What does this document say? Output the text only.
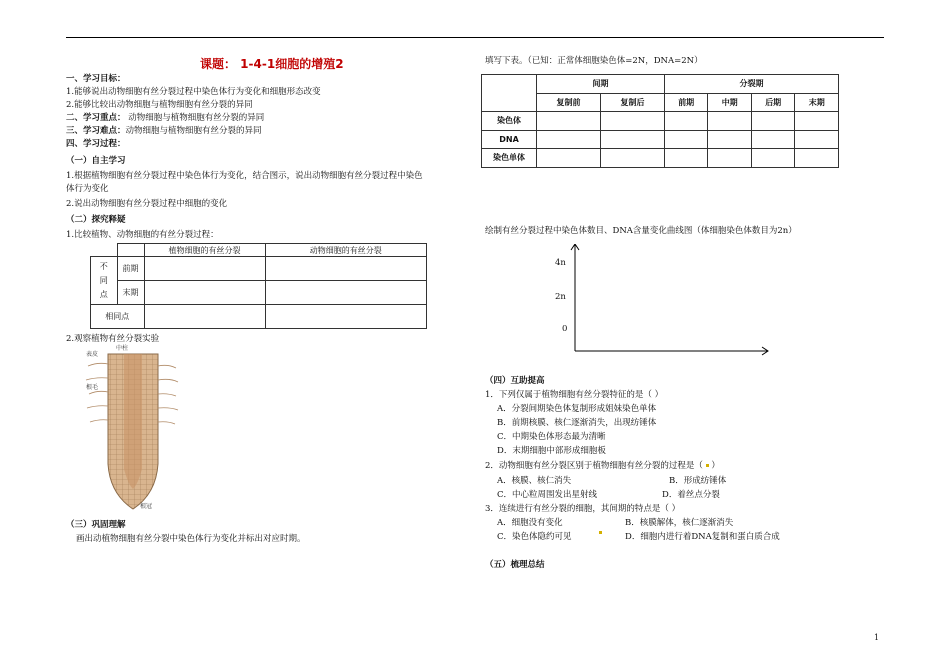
课题： 1-4-1细胞的增殖2
一、学习目标：
1.能够说出动物细胞有丝分裂过程中染色体行为变化和细胞形态改变
2.能够比较出动物细胞与植物细胞有丝分裂的异同
二、学习重点： 动物细胞与植物细胞有丝分裂的异同
三、学习难点：动物细胞与植物细胞有丝分裂的异同
四、学习过程：
（一）自主学习
1.根据植物细胞有丝分裂过程中染色体行为变化，结合图示，说出动物细胞有丝分裂过程中染色
体行为变化
2.说出动物细胞有丝分裂过程中细胞的变化
（二）探究释疑
1.比较植物、动物细胞的有丝分裂过程：
		植物细胞的有丝分裂	动物细胞的有丝分裂

不
同
点	前期		
	末期		
相同点			
2.观察植物有丝分裂实验
表皮
中柱
根毛
根冠
（三）巩固理解
画出动植物细胞有丝分裂中染色体行为变化并标出对应时期。
填写下表。（已知：正常体细胞染色体=2N，DNA=2N）
	间期		分裂期			
	复制前	复制后	前期	中期	后期	末期
染色体						
DNA						
染色单体						
绘制有丝分裂过程中染色体数目、DNA含量变化曲线图（体细胞染色体数目为2n）
4n
2n
0
（四）互助提高
1．下列仅属于植物细胞有丝分裂特征的是（ ）
A．分裂间期染色体复制形成姐妹染色单体
B．前期核膜、核仁逐渐消失，出现纺锤体
C．中期染色体形态最为清晰
D．末期细胞中部形成细胞板
2．动物细胞有丝分裂区别于植物细胞有丝分裂的过程是（  ）
A．核膜、核仁消失	B．形成纺锤体
C．中心粒周围发出星射线	D．着丝点分裂
3．连续进行有丝分裂的细胞，其间期的特点是（ ）
A．细胞没有变化	B．核膜解体，核仁逐渐消失
C．染色体隐约可见	D．细胞内进行着DNA复制和蛋白质合成
（五）梳理总结
1
